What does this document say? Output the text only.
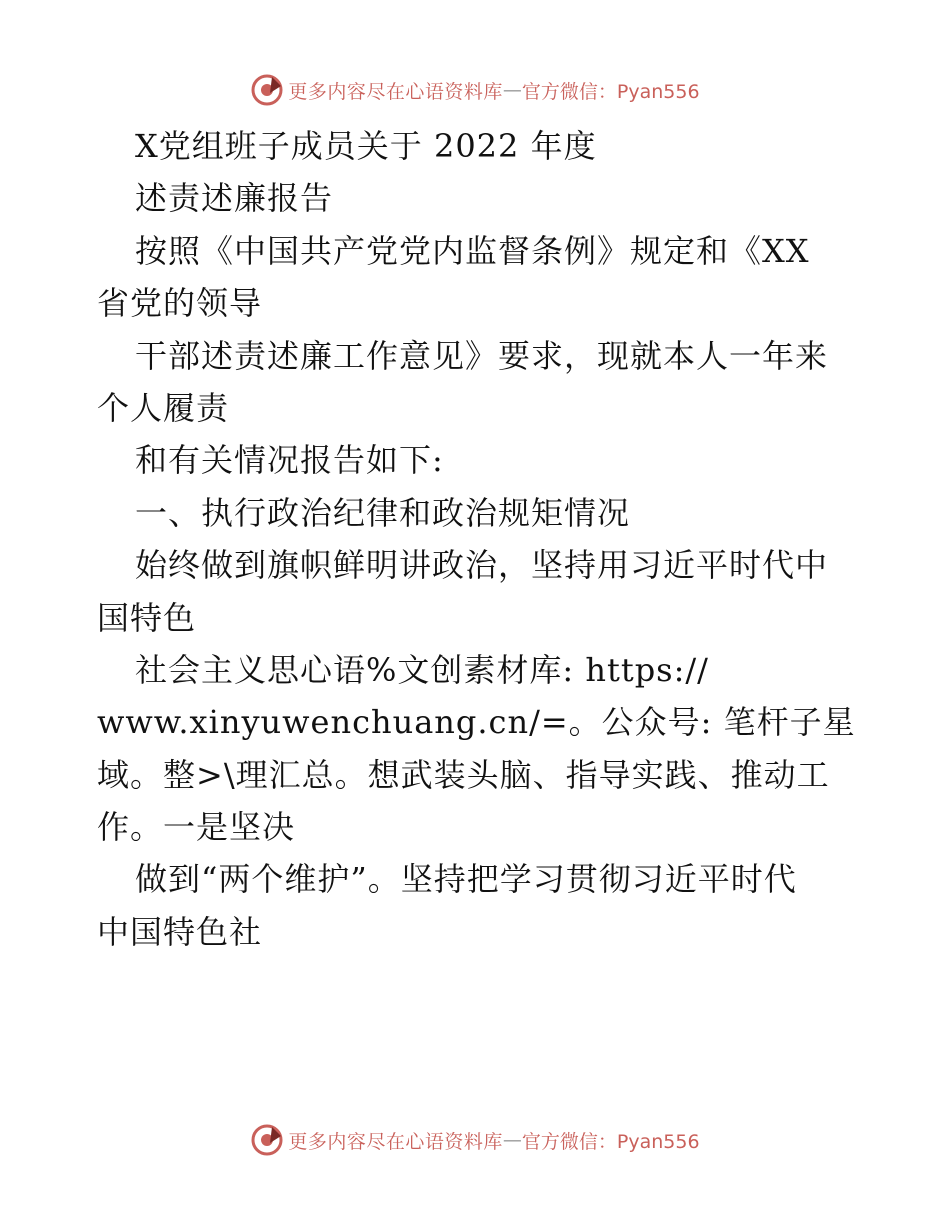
更多内容尽在心语资料库 — 官方微信：Pyan556
X党组班子成员关于 2022 年度
述责述廉报告
按照《中国共产党党内监督条例》规定和《XX
省党的领导
干部述责述廉工作意见》要求，现就本人一年来
个人履责
和有关情况报告如下:
一、执行政治纪律和政治规矩情况
始终做到旗帜鲜明讲政治，坚持用习近平时代中
国特色
社会主义思心语%文创素材库: https://
www.xinyuwenchuang.cn/=。公众号: 笔杆子星
域。整>\理汇总。想武装头脑、指导实践、推动工
作。一是坚决
做到“两个维护”。坚持把学习贯彻习近平时代
中国特色社
更多内容尽在心语资料库 — 官方微信：Pyan556
